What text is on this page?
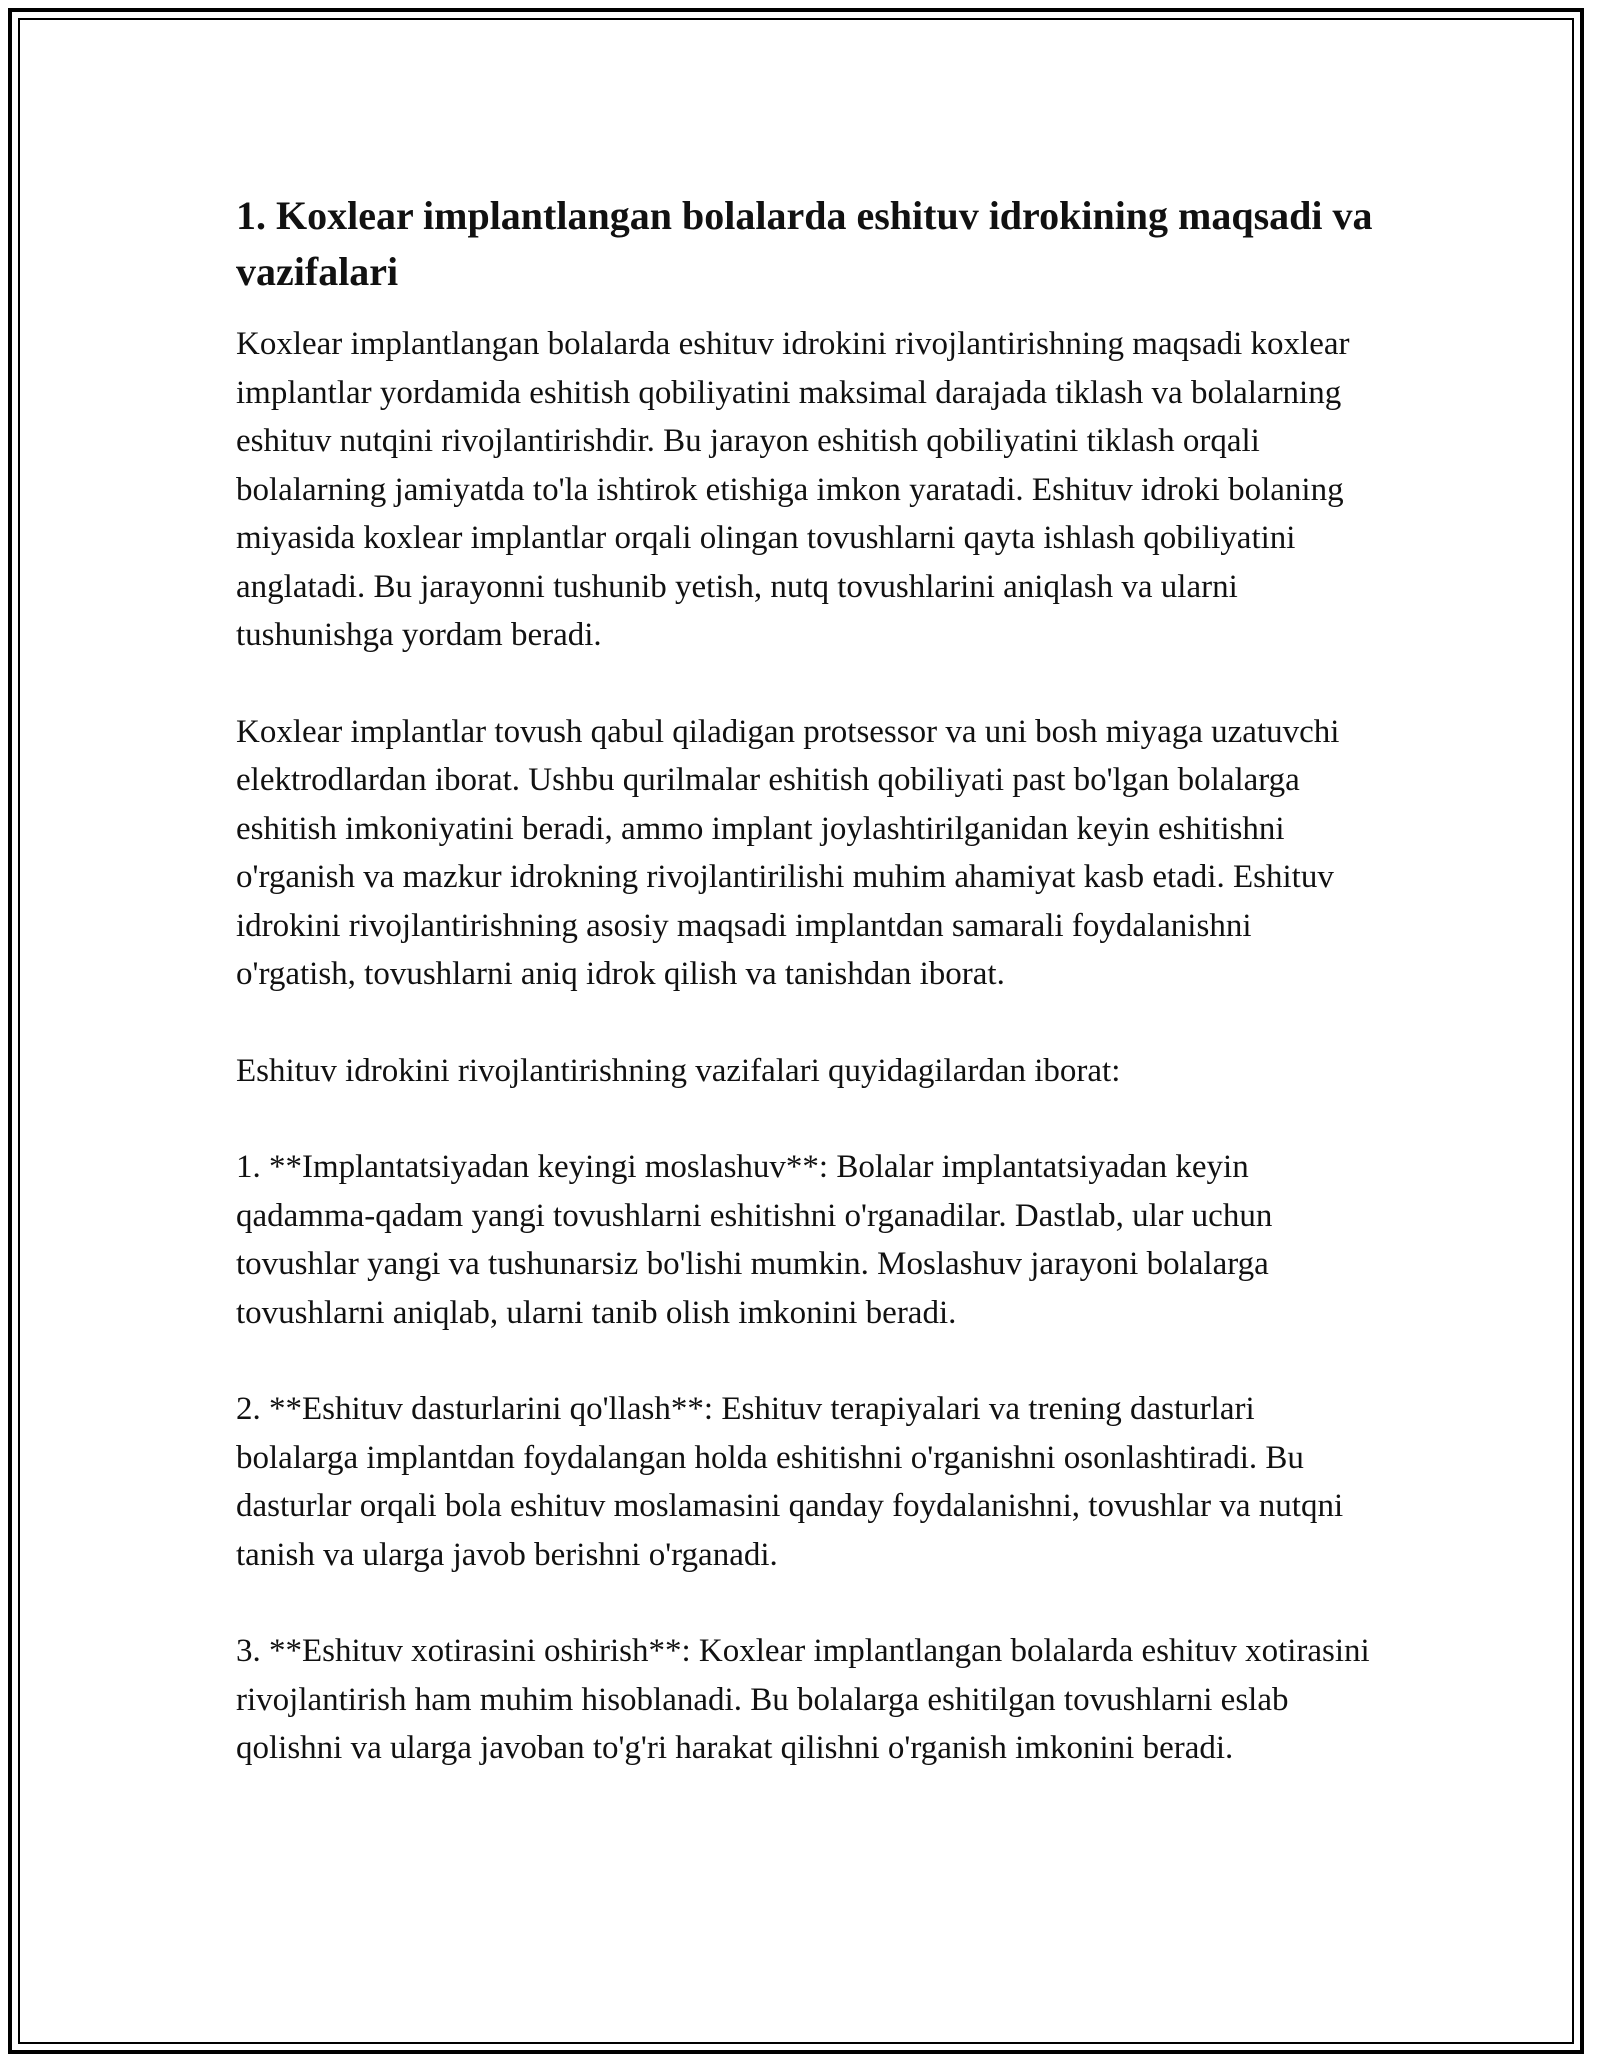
1. Koxlear implantlangan bolalarda eshituv idrokining maqsadi va vazifalari

Koxlear implantlangan bolalarda eshituv idrokini rivojlantirishning maqsadi koxlear implantlar yordamida eshitish qobiliyatini maksimal darajada tiklash va bolalarning eshituv nutqini rivojlantirishdir. Bu jarayon eshitish qobiliyatini tiklash orqali bolalarning jamiyatda to'la ishtirok etishiga imkon yaratadi. Eshituv idroki bolaning miyasida koxlear implantlar orqali olingan tovushlarni qayta ishlash qobiliyatini anglatadi. Bu jarayonni tushunib yetish, nutq tovushlarini aniqlash va ularni tushunishga yordam beradi.

Koxlear implantlar tovush qabul qiladigan protsessor va uni bosh miyaga uzatuvchi elektrodlardan iborat. Ushbu qurilmalar eshitish qobiliyati past bo'lgan bolalarga eshitish imkoniyatini beradi, ammo implant joylashtirilganidan keyin eshitishni o'rganish va mazkur idrokning rivojlantirilishi muhim ahamiyat kasb etadi. Eshituv idrokini rivojlantirishning asosiy maqsadi implantdan samarali foydalanishni o'rgatish, tovushlarni aniq idrok qilish va tanishdan iborat.

Eshituv idrokini rivojlantirishning vazifalari quyidagilardan iborat:

1. **Implantatsiyadan keyingi moslashuv**: Bolalar implantatsiyadan keyin qadamma-qadam yangi tovushlarni eshitishni o'rganadilar. Dastlab, ular uchun tovushlar yangi va tushunarsiz bo'lishi mumkin. Moslashuv jarayoni bolalarga tovushlarni aniqlab, ularni tanib olish imkonini beradi.

2. **Eshituv dasturlarini qo'llash**: Eshituv terapiyalari va trening dasturlari bolalarga implantdan foydalangan holda eshitishni o'rganishni osonlashtiradi. Bu dasturlar orqali bola eshituv moslamasini qanday foydalanishni, tovushlar va nutqni tanish va ularga javob berishni o'rganadi.

3. **Eshituv xotirasini oshirish**: Koxlear implantlangan bolalarda eshituv xotirasini rivojlantirish ham muhim hisoblanadi. Bu bolalarga eshitilgan tovushlarni eslab qolishni va ularga javoban to'g'ri harakat qilishni o'rganish imkonini beradi.
